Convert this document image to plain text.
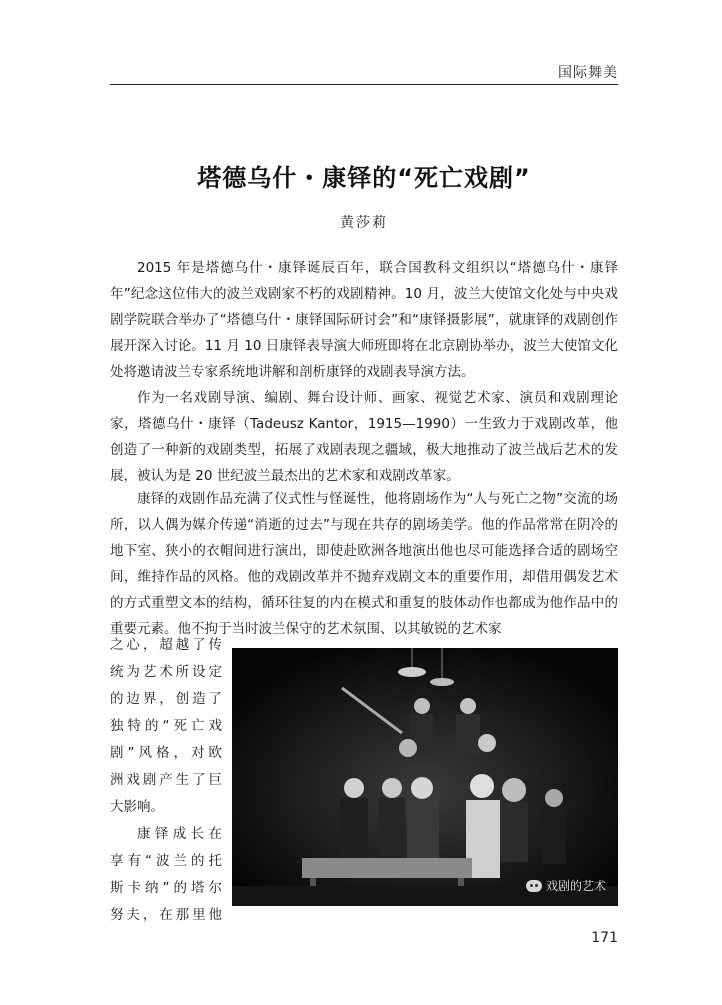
国际舞美
塔德乌什・康铎的“死亡戏剧”
黄莎莉

2015 年是塔德乌什・康铎诞辰百年，联合国教科文组织以“塔德乌什・康铎年”纪念这位伟大的波兰戏剧家不朽的戏剧精神。10 月，波兰大使馆文化处与中央戏剧学院联合举办了“塔德乌什・康铎国际研讨会”和“康铎摄影展”，就康铎的戏剧创作展开深入讨论。11 月 10 日康铎表导演大师班即将在北京剧协举办，波兰大使馆文化处将邀请波兰专家系统地讲解和剖析康铎的戏剧表导演方法。

作为一名戏剧导演、编剧、舞台设计师、画家、视觉艺术家、演员和戏剧理论家，塔德乌什・康铎（Tadeusz Kantor，1915—1990）一生致力于戏剧改革，他创造了一种新的戏剧类型，拓展了戏剧表现之疆域，极大地推动了波兰战后艺术的发展，被认为是 20 世纪波兰最杰出的艺术家和戏剧改革家。

康铎的戏剧作品充满了仪式性与怪诞性，他将剧场作为“人与死亡之物”交流的场所，以人偶为媒介传递“消逝的过去”与现在共存的剧场美学。他的作品常常在阴冷的地下室、狭小的衣帽间进行演出，即使赴欧洲各地演出他也尽可能选择合适的剧场空间，维持作品的风格。他的戏剧改革并不抛弃戏剧文本的重要作用，却借用偶发艺术的方式重塑文本的结构，循环往复的内在模式和重复的肢体动作也都成为他作品中的重要元素。他不拘于当时波兰保守的艺术氛围、以其敏锐的艺术家

之心，超越了传

统为艺术所设定

的边界，创造了

独特的“死亡戏

剧”风格，对欧

洲戏剧产生了巨

大影响。

康铎成长在

享有“波兰的托

斯卡纳”的塔尔

努夫，在那里他

戏剧的艺术
171
